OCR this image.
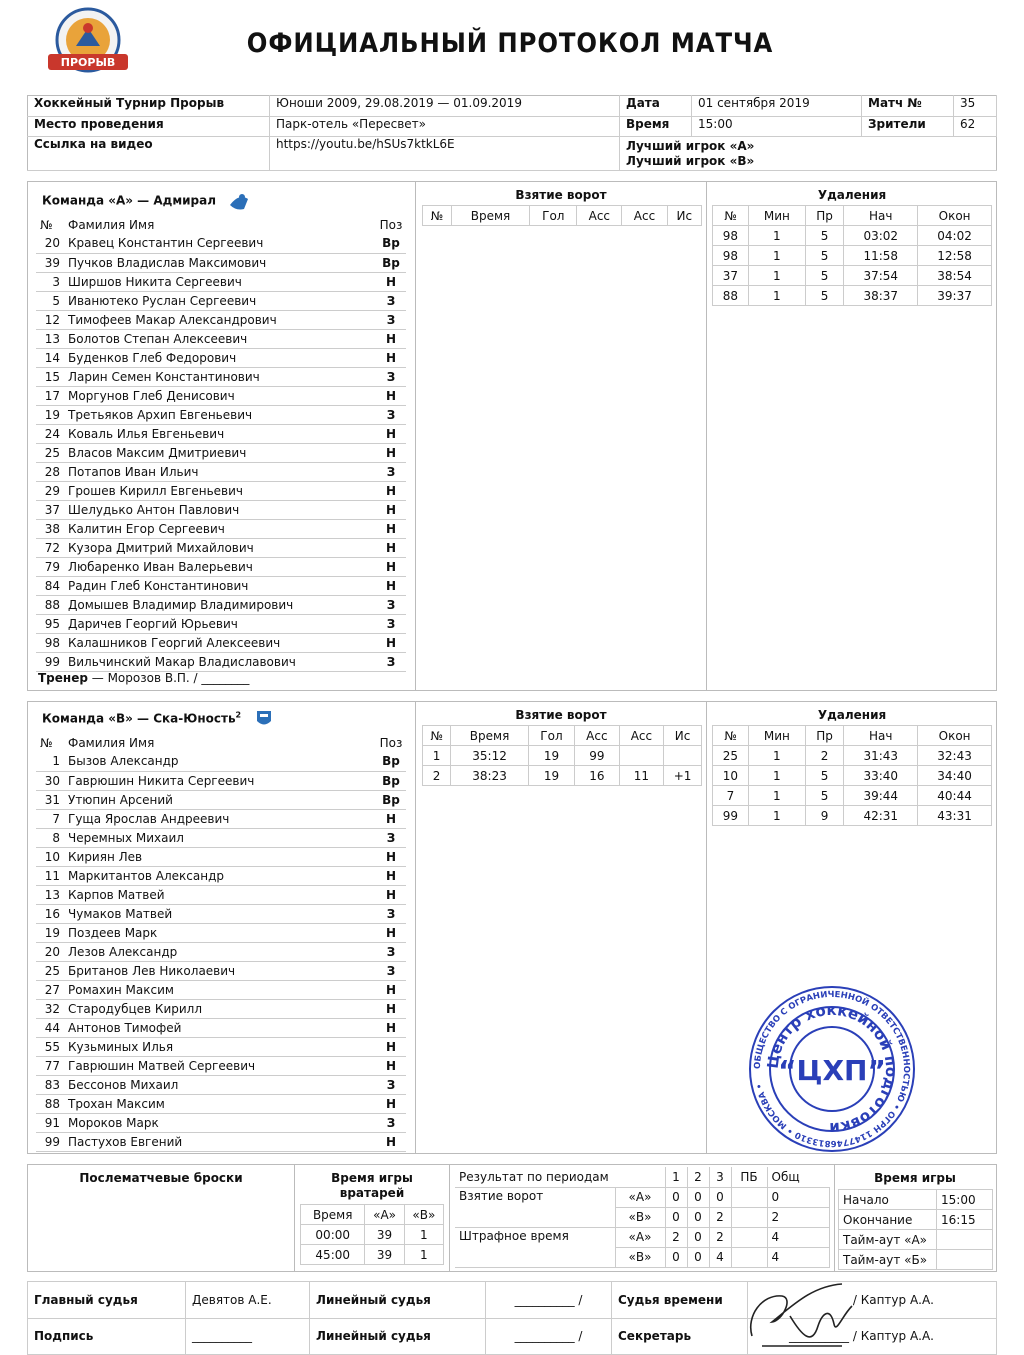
ПРОРЫВ
ОФИЦИАЛЬНЫЙ ПРОТОКОЛ МАТЧА
Хоккейный Турнир Прорыв	Юноши 2009, 29.08.2019 — 01.09.2019	Дата	01 сентября 2019	Матч №	35
Место проведения	Парк-отель «Пересвет»	Время	15:00	Зрители	62
Ссылка на видео	https://youtu.be/hSUs7ktkL6E	Лучший игрок «А»
Лучший игрок «В»			
Команда «А» — Адмирал
№	Фамилия Имя	Поз
20	Кравец Константин Сергеевич	Вр
39	Пучков Владислав Максимович	Вр
3	Ширшов Никита Сергеевич	Н
5	Иванютеко Руслан Сергеевич	З
12	Тимофеев Макар Александрович	З
13	Болотов Степан Алексеевич	Н
14	Буденков Глеб Федорович	Н
15	Ларин Семен Константинович	З
17	Моргунов Глеб Денисович	Н
19	Третьяков Архип Евгеньевич	З
24	Коваль Илья Евгеньевич	Н
25	Власов Максим Дмитриевич	Н
28	Потапов Иван Ильич	З
29	Грошев Кирилл Евгеньевич	Н
37	Шелудько Антон Павлович	Н
38	Калитин Егор Сергеевич	Н
72	Кузора Дмитрий Михайлович	Н
79	Любаренко Иван Валерьевич	Н
84	Радин Глеб Константинович	Н
88	Домышев Владимир Владимирович	З
95	Даричев Георгий Юрьевич	З
98	Калашников Георгий Алексеевич	Н
99	Вильчинский Макар Владиславович	З
Тренер — Морозов В.П. / ________
Взятие ворот
№	Время	Гол	Асс	Асс	Ис
Удаления
№	Мин	Пр	Нач	Окон
98	1	5	03:02	04:02
98	1	5	11:58	12:58
37	1	5	37:54	38:54
88	1	5	38:37	39:37
Команда «В» — Ска-Юность$^2$
№	Фамилия Имя	Поз
1	Бызов Александр	Вр
30	Гаврюшин Никита Сергеевич	Вр
31	Утюпин Арсений	Вр
7	Гуща Ярослав Андреевич	Н
8	Черемных Михаил	З
10	Кириян Лев	Н
11	Маркитантов Александр	Н
13	Карпов Матвей	Н
16	Чумаков Матвей	З
19	Поздеев Марк	Н
20	Лезов Александр	З
25	Британов Лев Николаевич	З
27	Ромахин Максим	Н
32	Стародубцев Кирилл	Н
44	Антонов Тимофей	Н
55	Кузьминых Илья	Н
77	Гаврюшин Матвей Сергеевич	Н
83	Бессонов Михаил	З
88	Трохан Максим	Н
91	Мороков Марк	З
99	Пастухов Евгений	Н
Взятие ворот
№	Время	Гол	Асс	Асс	Ис
1	35:12	19	99		
2	38:23	19	16	11	+1
Удаления
№	Мин	Пр	Нач	Окон
25	1	2	31:43	32:43
10	1	5	33:40	34:40
7	1	5	39:44	40:44
99	1	9	42:31	43:31
ОБЩЕСТВО С ОГРАНИЧЕННОЙ ОТВЕТСТВЕННОСТЬЮ • ОГРН 1147746813310 • МОСКВА •
Центр хоккейной подготовки
“ЦХП”
Послематчевые броски	Время игры вратарей
Время	«А»	«В»
00:00	39	1
45:00	39	1
Результат по периодам		1	2	3	ПБ	Общ
Взятие ворот	«А»	0	0	0		0
	«В»	0	0	2		2
Штрафное время	«А»	2	0	2		4
	«В»	0	0	4		4
Время игры
Начало	15:00
Окончание	16:15
Тайм-аут «А»	
Тайм-аут «Б»	
Главный судья	Девятов А.Е.	Линейный судья	__________ /	Судья времени	/ Каптур А.А.
Подпись	__________	Линейный судья	__________ /	Секретарь	__________ / Каптур А.А.
